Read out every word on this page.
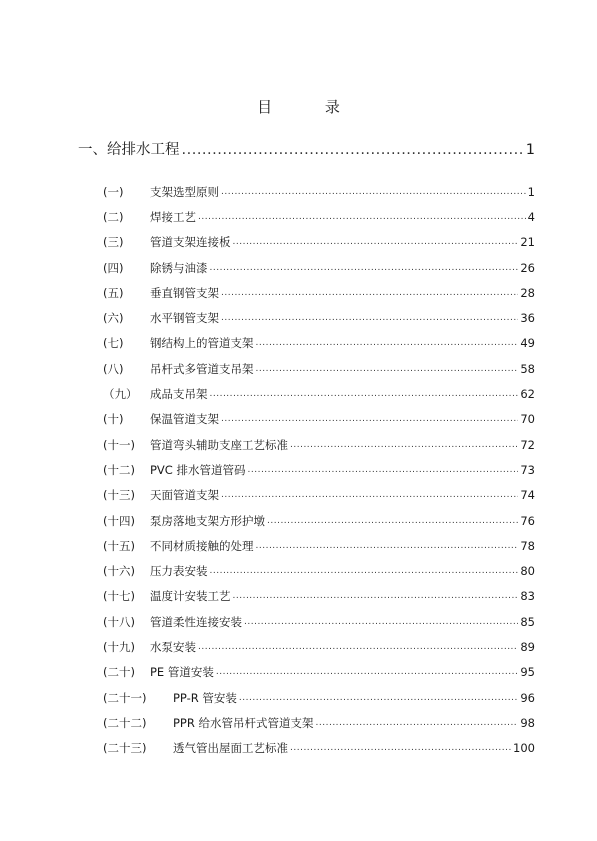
目 录
一、给排水工程 .....	1
(一)	支架选型原则 .....	1
(二)	焊接工艺 .....	4
(三)	管道支架连接板 .....	21
(四)	除锈与油漆 .....	26
(五)	垂直钢管支架 .....	28
(六)	水平钢管支架 .....	36
(七)	钢结构上的管道支架 .....	49
(八)	吊杆式多管道支吊架 .....	58
（九）	成品支吊架 .....	62
(十)	保温管道支架 .....	70
(十一)	管道弯头辅助支座工艺标准 .....	72
(十二)	PVC 排水管道管码 .....	73
(十三)	天面管道支架 .....	74
(十四)	泵房落地支架方形护墩 .....	76
(十五)	不同材质接触的处理 .....	78
(十六)	压力表安装 .....	80
(十七)	温度计安装工艺 .....	83
(十八)	管道柔性连接安装 .....	85
(十九)	水泵安装 .....	89
(二十)	PE 管道安装 .....	95
(二十一)	PP-R 管安装 .....	96
(二十二)	PPR 给水管吊杆式管道支架 .....	98
(二十三)	透气管出屋面工艺标准 .....	100
